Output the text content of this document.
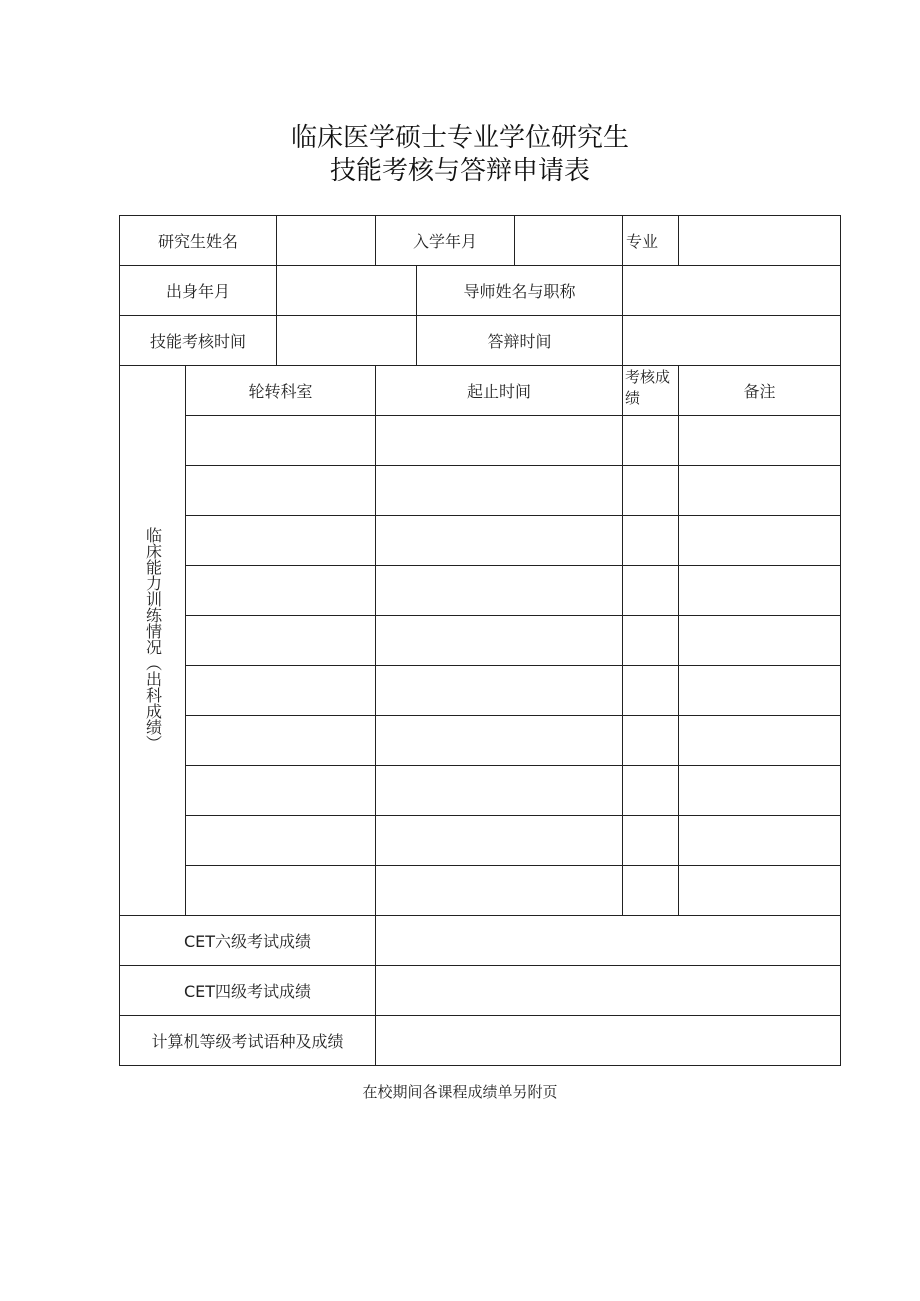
临床医学硕士专业学位研究生
技能考核与答辩申请表
研究生姓名			入学年月			专业	
出身年月				导师姓名与职称			
技能考核时间				答辩时间			
临床能力训练情况（出科成绩）	轮转科室		起止时间			考核成绩	备注

CET六级考试成绩							
CET四级考试成绩							
计算机等级考试语种及成绩							
在校期间各课程成绩单另附页
